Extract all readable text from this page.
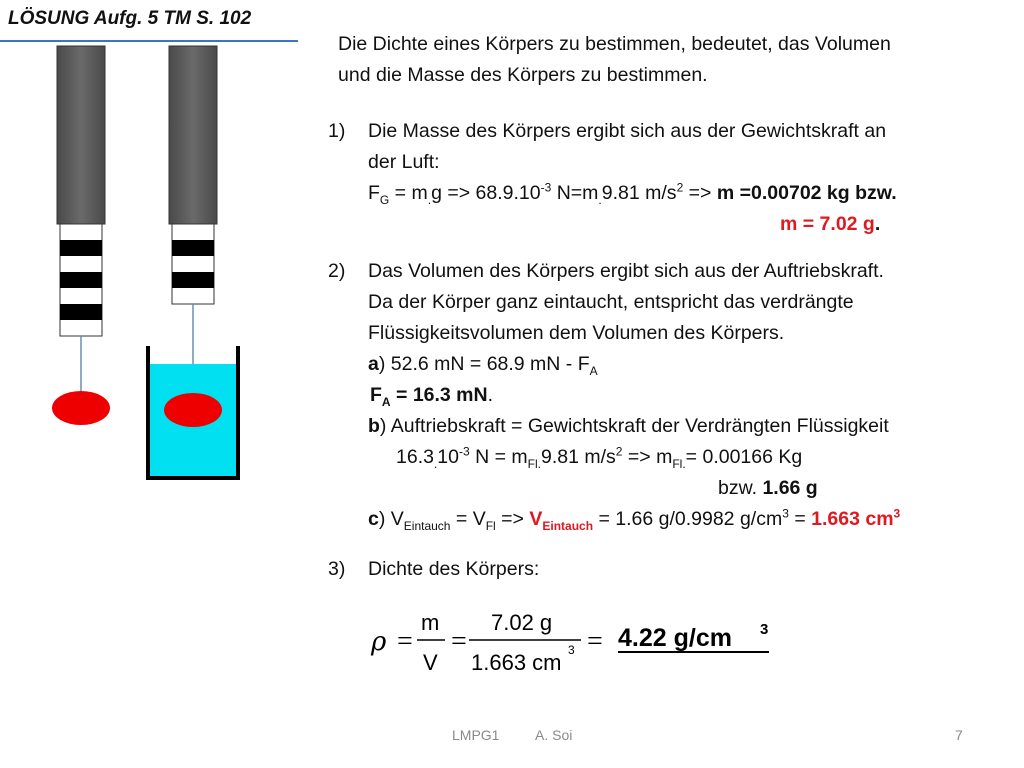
LÖSUNG Aufg. 5 TM S. 102
Die Dichte eines Körpers zu bestimmen, bedeutet, das Volumen
und die Masse des Körpers zu bestimmen.
1) Die Masse des Körpers ergibt sich aus der Gewichtskraft an
der Luft:
$F_G = m_.g => 68.9.10^{-3}$ $N=m_.9.81$ $m/s^2 => m =0.00702$ kg bzw.
m = 7.02 g.
2) Das Volumen des Körpers ergibt sich aus der Auftriebskraft.
Da der Körper ganz eintaucht, entspricht das verdrängte
Flüssigkeitsvolumen dem Volumen des Körpers.
a) 52.6 mN = 68.9 mN - $F_A$
$F_A = 16.3$ mN.
b) Auftriebskraft = Gewichtskraft der Verdrängten Flüssigkeit
$16.3_.10^{-3}$ $N = m_{Fl.}9.81$ $m/s^2 => m_{Fl.}= 0.00166$ Kg
bzw. 1.66 g
c) $V_{Eintauch} = V_{Fl} => V_{Eintauch} = 1.66$ g/0.9982 $g/cm^3 = 1.663$ $cm^3$
3) Dichte des Körpers:
ρ =
m
V
=
7.02 g
1.663 cm 3 = 4.22 g/cm 3
LMPG1	A. Soi	7
